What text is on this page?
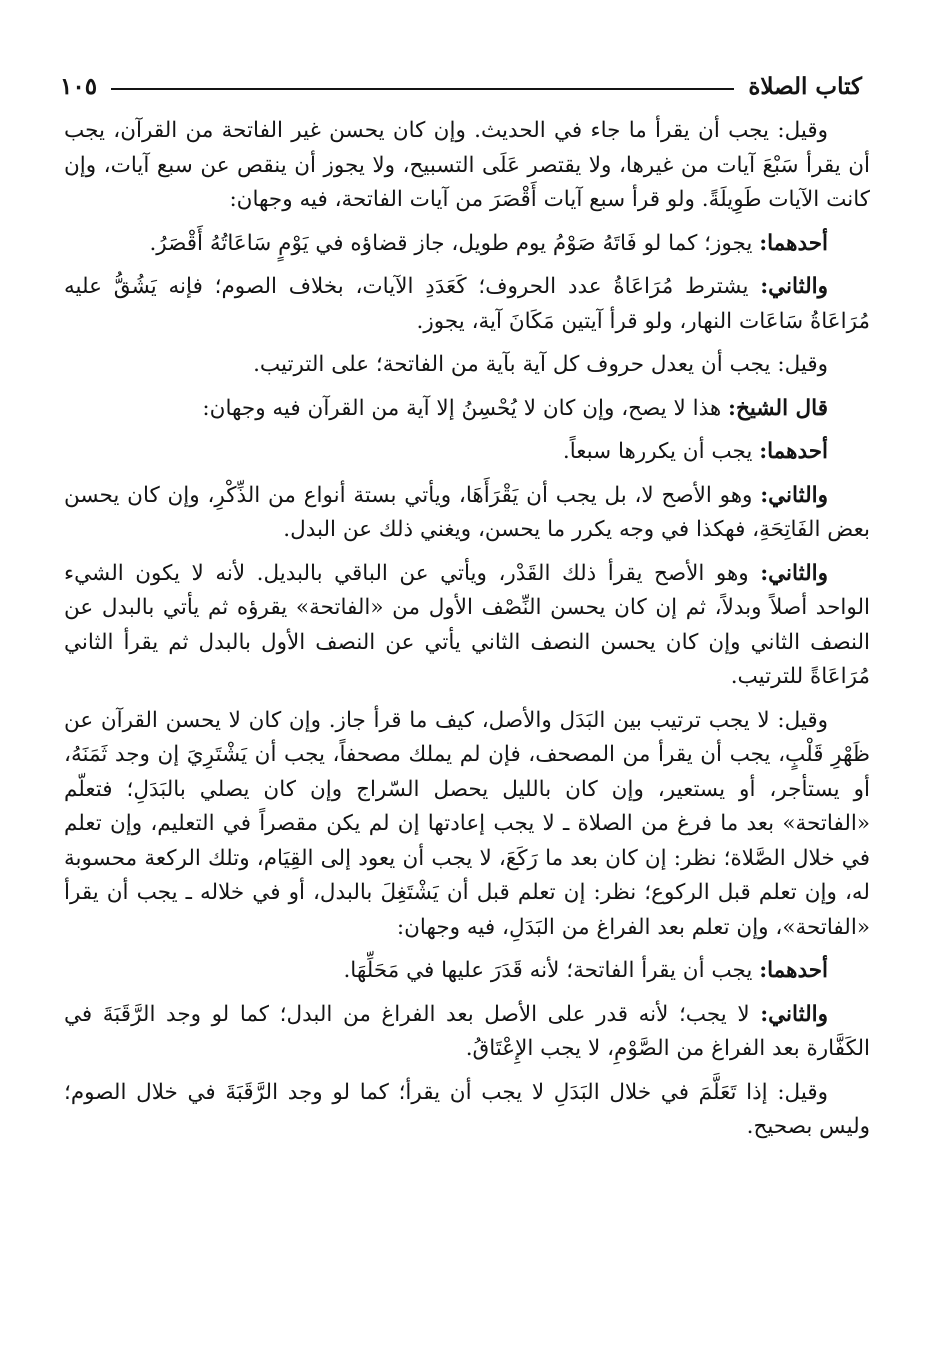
كتاب الصلاة
١٠٥

وقيل: يجب أن يقرأ ما جاء في الحديث. وإن كان يحسن غير الفاتحة من القرآن، يجب أن يقرأ سَبْعَ آيات من غيرها، ولا يقتصر عَلَى التسبيح، ولا يجوز أن ينقص عن سبع آيات، وإن كانت الآيات طَوِيلَةً. ولو قرأ سبع آيات أَقْصَرَ من آيات الفاتحة، فيه وجهان:

أحدهما: يجوز؛ كما لو فَاتَهُ صَوْمُ يوم طويل، جاز قضاؤه في يَوْمٍ سَاعَاتُهُ أَقْصَرُ.

والثاني: يشترط مُرَاعَاةُ عدد الحروف؛ كَعَدَدِ الآيات، بخلاف الصوم؛ فإنه يَشُقُّ عليه مُرَاعَاةُ سَاعَات النهار، ولو قرأ آيتين مَكَانَ آية، يجوز.

وقيل: يجب أن يعدل حروف كل آية بآية من الفاتحة؛ على الترتيب.

قال الشيخ: هذا لا يصح، وإن كان لا يُحْسِنُ إلا آية من القرآن فيه وجهان:

أحدهما: يجب أن يكررها سبعاً.

والثاني: وهو الأصح لا، بل يجب أن يَقْرَأَهَا، ويأتي بستة أنواع من الذِّكْرِ، وإن كان يحسن بعض الفَاتِحَةِ، فهكذا في وجه يكرر ما يحسن، ويغني ذلك عن البدل.

والثاني: وهو الأصح يقرأ ذلك القَدْر، ويأتي عن الباقي بالبديل. لأنه لا يكون الشيء الواحد أصلاً وبدلاً، ثم إن كان يحسن النِّصْف الأول من «الفاتحة» يقرؤه ثم يأتي بالبدل عن النصف الثاني وإن كان يحسن النصف الثاني يأتي عن النصف الأول بالبدل ثم يقرأ الثاني مُرَاعَاةً للترتيب.

وقيل: لا يجب ترتيب بين البَدَل والأصل، كيف ما قرأ جاز. وإن كان لا يحسن القرآن عن ظَهْرِ قَلْبٍ، يجب أن يقرأ من المصحف، فإن لم يملك مصحفاً، يجب أن يَشْتَرِيَ إن وجد ثَمَنَهُ، أو يستأجر، أو يستعير، وإن كان بالليل يحصل السّراج وإن كان يصلي بالبَدَلِ؛ فتعلّم «الفاتحة» بعد ما فرغ من الصلاة ـ لا يجب إعادتها إن لم يكن مقصراً في التعليم، وإن تعلم في خلال الصَّلاة؛ نظر: إن كان بعد ما رَكَعَ، لا يجب أن يعود إلى القِيَام، وتلك الركعة محسوبة له، وإن تعلم قبل الركوع؛ نظر: إن تعلم قبل أن يَشْتَغِلَ بالبدل، أو في خلاله ـ يجب أن يقرأ «الفاتحة»، وإن تعلم بعد الفراغ من البَدَلِ، فيه وجهان:

أحدهما: يجب أن يقرأ الفاتحة؛ لأنه قَدَرَ عليها في مَحَلِّهَا.

والثاني: لا يجب؛ لأنه قدر على الأصل بعد الفراغ من البدل؛ كما لو وجد الرَّقَبَةَ في الكَفَّارة بعد الفراغ من الصَّوْمِ، لا يجب الإِعْتَاقُ.

وقيل: إذا تَعَلَّمَ في خلال البَدَلِ لا يجب أن يقرأ؛ كما لو وجد الرَّقَبَةَ في خلال الصوم؛ وليس بصحيح.
